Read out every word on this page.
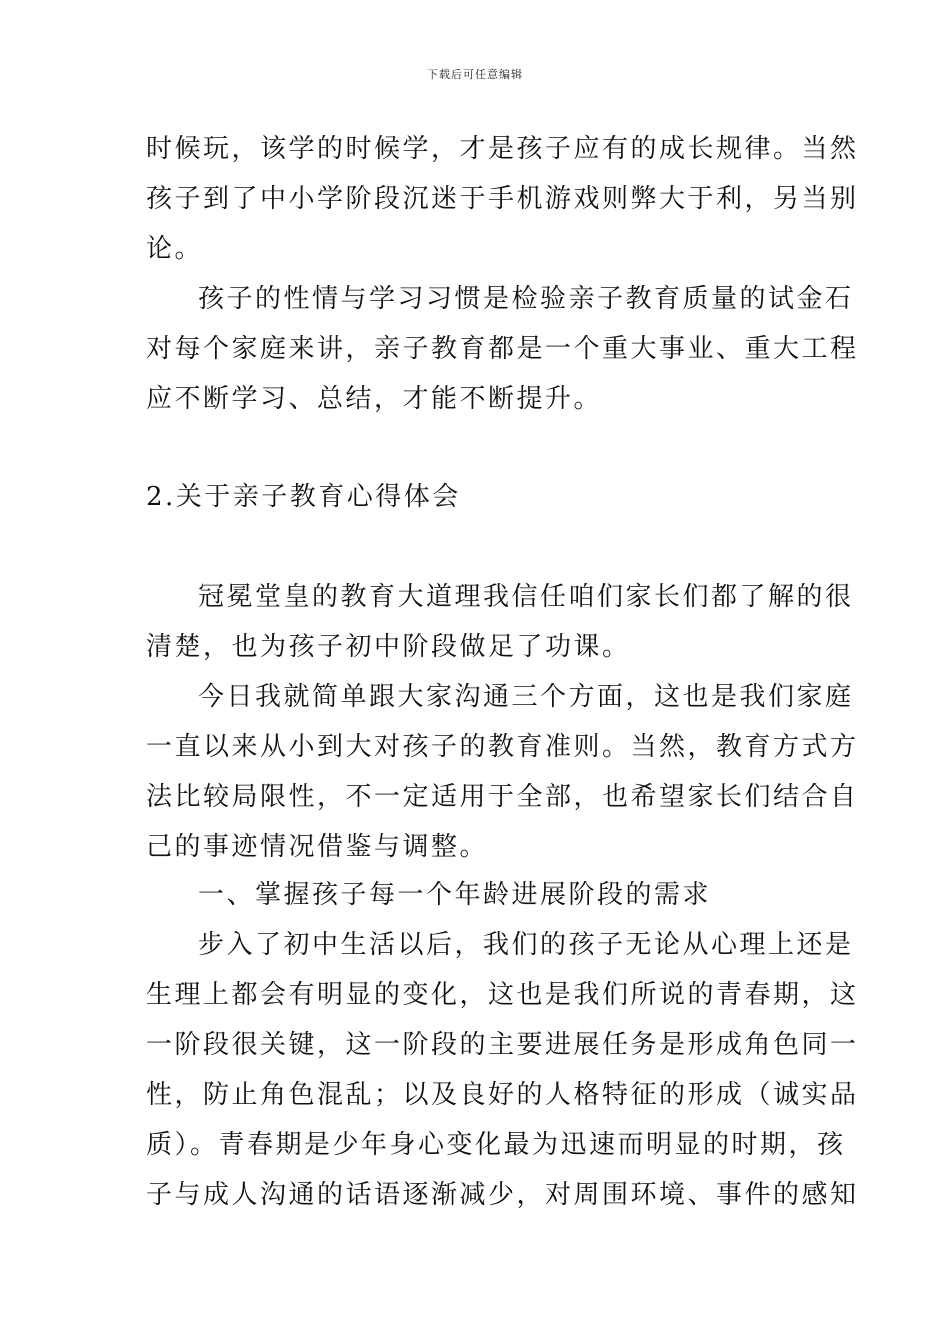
下载后可任意编辑
时候玩，该学的时候学，才是孩子应有的成长规律。当然
孩子到了中小学阶段沉迷于手机游戏则弊大于利，另当别
论。
孩子的性情与学习习惯是检验亲子教育质量的试金石
对每个家庭来讲，亲子教育都是一个重大事业、重大工程
应不断学习、总结，才能不断提升。
2.关于亲子教育心得体会
冠冕堂皇的教育大道理我信任咱们家长们都了解的很
清楚，也为孩子初中阶段做足了功课。
今日我就简单跟大家沟通三个方面，这也是我们家庭
一直以来从小到大对孩子的教育准则。当然，教育方式方
法比较局限性，不一定适用于全部，也希望家长们结合自
己的事迹情况借鉴与调整。
一、掌握孩子每一个年龄进展阶段的需求
步入了初中生活以后，我们的孩子无论从心理上还是
生理上都会有明显的变化，这也是我们所说的青春期，这
一阶段很关键，这一阶段的主要进展任务是形成角色同一
性，防止角色混乱；以及良好的人格特征的形成（诚实品
质）。青春期是少年身心变化最为迅速而明显的时期，孩
子与成人沟通的话语逐渐减少，对周围环境、事件的感知
